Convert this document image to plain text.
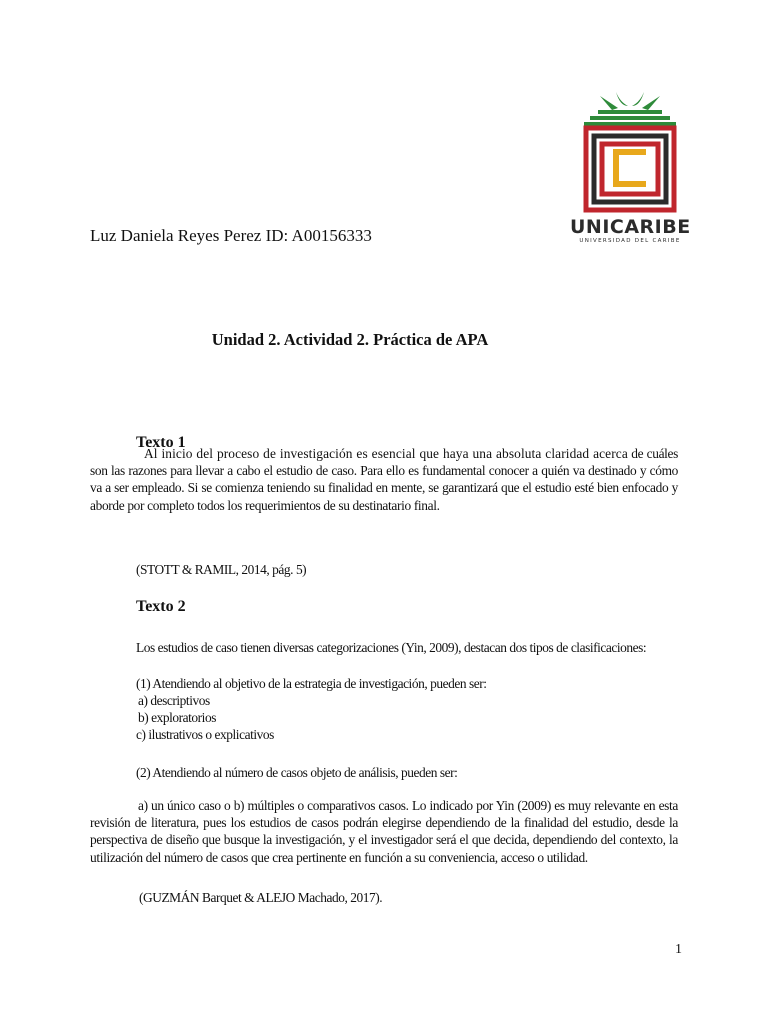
UNICARIBE
UNIVERSIDAD DEL CARIBE
Luz Daniela Reyes Perez ID: A00156333
Unidad 2. Actividad 2. Práctica de APA
Texto 1
Al inicio del proceso de investigación es esencial que haya una absoluta claridad acerca de cuáles son las razones para llevar a cabo el estudio de caso. Para ello es fundamental conocer a quién va destinado y cómo va a ser empleado. Si se comienza teniendo su finalidad en mente, se garantizará que el estudio esté bien enfocado y aborde por completo todos los requerimientos de su destinatario final.
(STOTT & RAMIL, 2014, pág. 5)
Texto 2
Los estudios de caso tienen diversas categorizaciones (Yin, 2009), destacan dos tipos de clasificaciones:
(1) Atendiendo al objetivo de la estrategia de investigación, pueden ser:
a) descriptivos
b) exploratorios
c) ilustrativos o explicativos
(2) Atendiendo al número de casos objeto de análisis, pueden ser:
a) un único caso o b) múltiples o comparativos casos. Lo indicado por Yin (2009) es muy relevante en esta revisión de literatura, pues los estudios de casos podrán elegirse dependiendo de la finalidad del estudio, desde la perspectiva de diseño que busque la investigación, y el investigador será el que decida, dependiendo del contexto, la utilización del número de casos que crea pertinente en función a su conveniencia, acceso o utilidad.
(GUZMÁN Barquet & ALEJO Machado, 2017).
1
